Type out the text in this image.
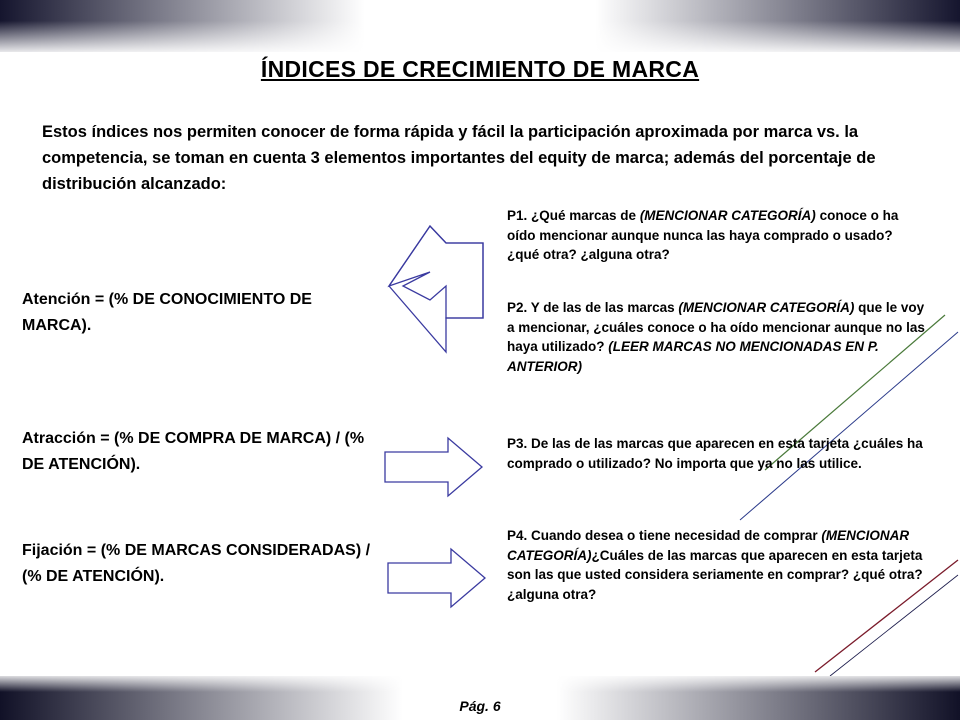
ÍNDICES DE CRECIMIENTO DE MARCA
Estos índices nos permiten conocer de forma rápida y fácil la participación aproximada por marca vs. la competencia, se toman en cuenta 3 elementos importantes del equity de marca; además del porcentaje de distribución alcanzado:
Atención = (% DE CONOCIMIENTO DE MARCA).
Atracción = (% DE COMPRA DE MARCA) / (% DE ATENCIÓN).
Fijación = (% DE MARCAS CONSIDERADAS) / (% DE ATENCIÓN).
P1. ¿Qué marcas de (MENCIONAR CATEGORÍA) conoce o ha oído mencionar aunque nunca las haya comprado o usado? ¿qué otra? ¿alguna otra?
P2. Y de las de las marcas (MENCIONAR CATEGORÍA) que le voy a mencionar, ¿cuáles conoce o ha oído mencionar aunque no las haya utilizado? (LEER MARCAS NO MENCIONADAS EN P. ANTERIOR)
P3. De las de las marcas que aparecen en esta tarjeta ¿cuáles ha comprado o utilizado? No importa que ya no las utilice.
P4. Cuando desea o tiene necesidad de comprar (MENCIONAR CATEGORÍA)¿Cuáles de las marcas que aparecen en esta tarjeta son las que usted considera seriamente en comprar? ¿qué otra? ¿alguna otra?
Pág. 6
